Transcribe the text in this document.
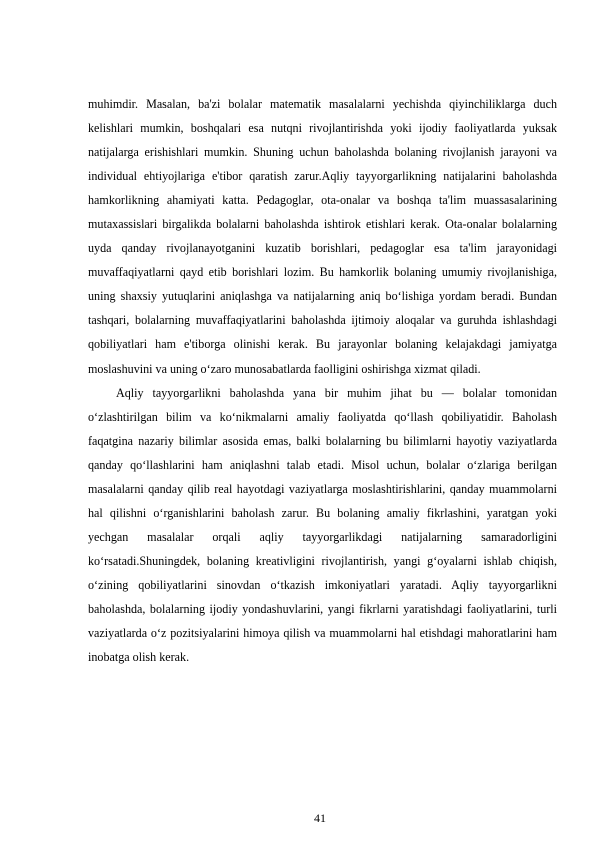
muhimdir. Masalan, ba'zi bolalar matematik masalalarni yechishda qiyinchiliklarga duch kelishlari mumkin, boshqalari esa nutqni rivojlantirishda yoki ijodiy faoliyatlarda yuksak natijalarga erishishlari mumkin. Shuning uchun baholashda bolaning rivojlanish jarayoni va individual ehtiyojlariga e'tibor qaratish zarur.Aqliy tayyorgarlikning natijalarini baholashda hamkorlikning ahamiyati katta. Pedagoglar, ota-onalar va boshqa ta'lim muassasalarining mutaxassislari birgalikda bolalarni baholashda ishtirok etishlari kerak. Ota-onalar bolalarning uyda qanday rivojlanayotganini kuzatib borishlari, pedagoglar esa ta'lim jarayonidagi muvaffaqiyatlarni qayd etib borishlari lozim. Bu hamkorlik bolaning umumiy rivojlanishiga, uning shaxsiy yutuqlarini aniqlashga va natijalarning aniq bo‘lishiga yordam beradi. Bundan tashqari, bolalarning muvaffaqiyatlarini baholashda ijtimoiy aloqalar va guruhda ishlashdagi qobiliyatlari ham e'tiborga olinishi kerak. Bu jarayonlar bolaning kelajakdagi jamiyatga moslashuvini va uning o‘zaro munosabatlarda faolligini oshirishga xizmat qiladi.

Aqliy tayyorgarlikni baholashda yana bir muhim jihat bu — bolalar tomonidan o‘zlashtirilgan bilim va ko‘nikmalarni amaliy faoliyatda qo‘llash qobiliyatidir. Baholash faqatgina nazariy bilimlar asosida emas, balki bolalarning bu bilimlarni hayotiy vaziyatlarda qanday qo‘llashlarini ham aniqlashni talab etadi. Misol uchun, bolalar o‘zlariga berilgan masalalarni qanday qilib real hayotdagi vaziyatlarga moslashtirishlarini, qanday muammolarni hal qilishni o‘rganishlarini baholash zarur. Bu bolaning amaliy fikrlashini, yaratgan yoki yechgan masalalar orqali aqliy tayyorgarlikdagi natijalarning samaradorligini ko‘rsatadi.Shuningdek, bolaning kreativligini rivojlantirish, yangi g‘oyalarni ishlab chiqish, o‘zining qobiliyatlarini sinovdan o‘tkazish imkoniyatlari yaratadi. Aqliy tayyorgarlikni baholashda, bolalarning ijodiy yondashuvlarini, yangi fikrlarni yaratishdagi faoliyatlarini, turli vaziyatlarda o‘z pozitsiyalarini himoya qilish va muammolarni hal etishdagi mahoratlarini ham inobatga olish kerak.

41
